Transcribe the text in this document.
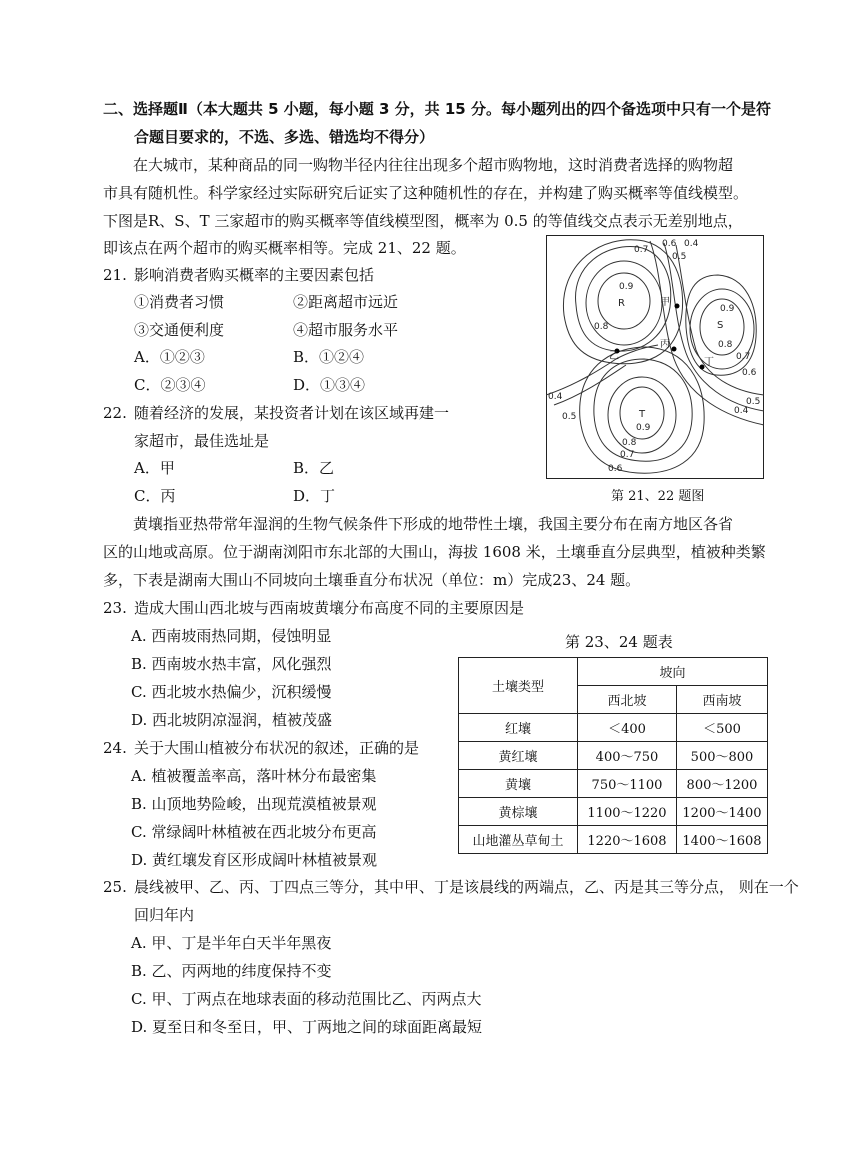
二、选择题Ⅱ（本大题共 5 小题，每小题 3 分，共 15 分。每小题列出的四个备选项中只有一个是符
合题目要求的，不选、多选、错选均不得分）
在大城市，某种商品的同一购物半径内往往出现多个超市购物地，这时消费者选择的购物超
市具有随机性。科学家经过实际研究后证实了这种随机性的存在，并构建了购买概率等值线模型。
下图是R、S、T 三家超市的购买概率等值线模型图，概率为 0.5 的等值线交点表示无差别地点，
即该点在两个超市的购买概率相等。完成 21、22 题。
21. 影响消费者购买概率的主要因素包括
①消费者习惯	②距离超市远近
③交通便利度	④超市服务水平
A．①②③	B．①②④
C．②③④	D．①③④
22. 随着经济的发展，某投资者计划在该区域再建一
家超市，最佳选址是
A．甲	B．乙
C．丙	D．丁
R
S
T
甲
乙
丙
丁
0.9
0.8
0.7
0.6 0.4
0.5
0.9
0.8
0.7
0.6
0.5
0.4
0.4
0.5
0.9
0.8
0.7
0.6
第 21、22 题图
黄壤指亚热带常年湿润的生物气候条件下形成的地带性土壤，我国主要分布在南方地区各省
区的山地或高原。位于湖南浏阳市东北部的大围山，海拔 1608 米，土壤垂直分层典型，植被种类繁
多，下表是湖南大围山不同坡向土壤垂直分布状况（单位：m）完成23、24 题。
23. 造成大围山西北坡与西南坡黄壤分布高度不同的主要原因是
A. 西南坡雨热同期，侵蚀明显
B. 西南坡水热丰富，风化强烈
C. 西北坡水热偏少，沉积缓慢
D. 西北坡阴凉湿润，植被茂盛
第 23、24 题表
土壤类型	坡向	
	西北坡	西南坡
红壤	＜400	＜500
黄红壤	400～750	500～800
黄壤	750～1100	800～1200
黄棕壤	1100～1220	1200～1400
山地灌丛草甸土	1220～1608	1400～1608
24. 关于大围山植被分布状况的叙述，正确的是
A. 植被覆盖率高，落叶林分布最密集
B. 山顶地势险峻，出现荒漠植被景观
C. 常绿阔叶林植被在西北坡分布更高
D. 黄红壤发育区形成阔叶林植被景观
25. 晨线被甲、乙、丙、丁四点三等分，其中甲、丁是该晨线的两端点，乙、丙是其三等分点， 则在一个
回归年内
A. 甲、丁是半年白天半年黑夜
B. 乙、丙两地的纬度保持不变
C. 甲、丁两点在地球表面的移动范围比乙、丙两点大
D. 夏至日和冬至日，甲、丁两地之间的球面距离最短
